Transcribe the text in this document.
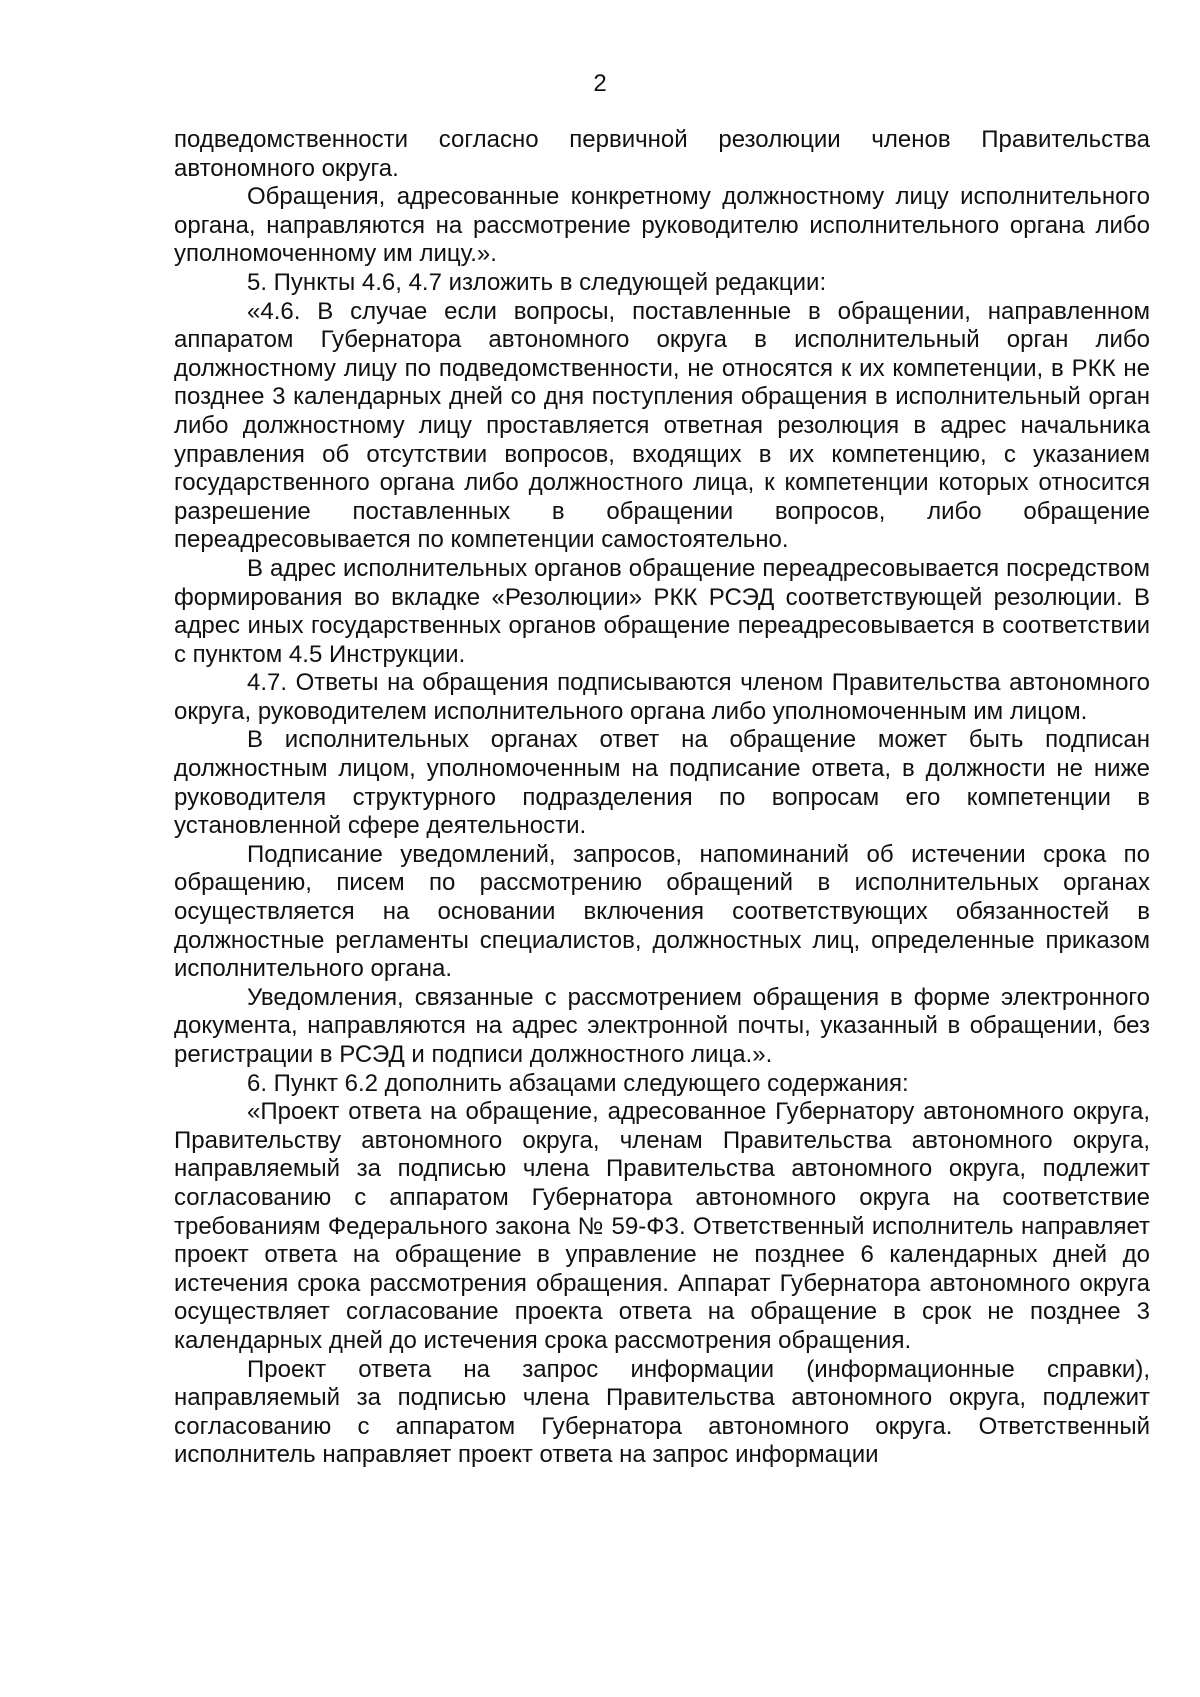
2

подведомственности согласно первичной резолюции членов Правительства автономного округа.

Обращения, адресованные конкретному должностному лицу исполнительного органа, направляются на рассмотрение руководителю исполнительного органа либо уполномоченному им лицу.».

5. Пункты 4.6, 4.7 изложить в следующей редакции:

«4.6. В случае если вопросы, поставленные в обращении, направленном аппаратом Губернатора автономного округа в исполнительный орган либо должностному лицу по подведомственности, не относятся к их компетенции, в РКК не позднее 3 календарных дней со дня поступления обращения в исполнительный орган либо должностному лицу проставляется ответная резолюция в адрес начальника управления об отсутствии вопросов, входящих в их компетенцию, с указанием государственного органа либо должностного лица, к компетенции которых относится разрешение поставленных в обращении вопросов, либо обращение переадресовывается по компетенции самостоятельно.

В адрес исполнительных органов обращение переадресовывается посредством формирования во вкладке «Резолюции» РКК РСЭД соответствующей резолюции. В адрес иных государственных органов обращение переадресовывается в соответствии с пунктом 4.5 Инструкции.

4.7. Ответы на обращения подписываются членом Правительства автономного округа, руководителем исполнительного органа либо уполномоченным им лицом.

В исполнительных органах ответ на обращение может быть подписан должностным лицом, уполномоченным на подписание ответа, в должности не ниже руководителя структурного подразделения по вопросам его компетенции в установленной сфере деятельности.

Подписание уведомлений, запросов, напоминаний об истечении срока по обращению, писем по рассмотрению обращений в исполнительных органах осуществляется на основании включения соответствующих обязанностей в должностные регламенты специалистов, должностных лиц, определенные приказом исполнительного органа.

Уведомления, связанные с рассмотрением обращения в форме электронного документа, направляются на адрес электронной почты, указанный в обращении, без регистрации в РСЭД и подписи должностного лица.».

6. Пункт 6.2 дополнить абзацами следующего содержания:

«Проект ответа на обращение, адресованное Губернатору автономного округа, Правительству автономного округа, членам Правительства автономного округа, направляемый за подписью члена Правительства автономного округа, подлежит согласованию с аппаратом Губернатора автономного округа на соответствие требованиям Федерального закона № 59-ФЗ. Ответственный исполнитель направляет проект ответа на обращение в управление не позднее 6 календарных дней до истечения срока рассмотрения обращения. Аппарат Губернатора автономного округа осуществляет согласование проекта ответа на обращение в срок не позднее 3 календарных дней до истечения срока рассмотрения обращения.

Проект ответа на запрос информации (информационные справки), направляемый за подписью члена Правительства автономного округа, подлежит согласованию с аппаратом Губернатора автономного округа. Ответственный исполнитель направляет проект ответа на запрос информации
